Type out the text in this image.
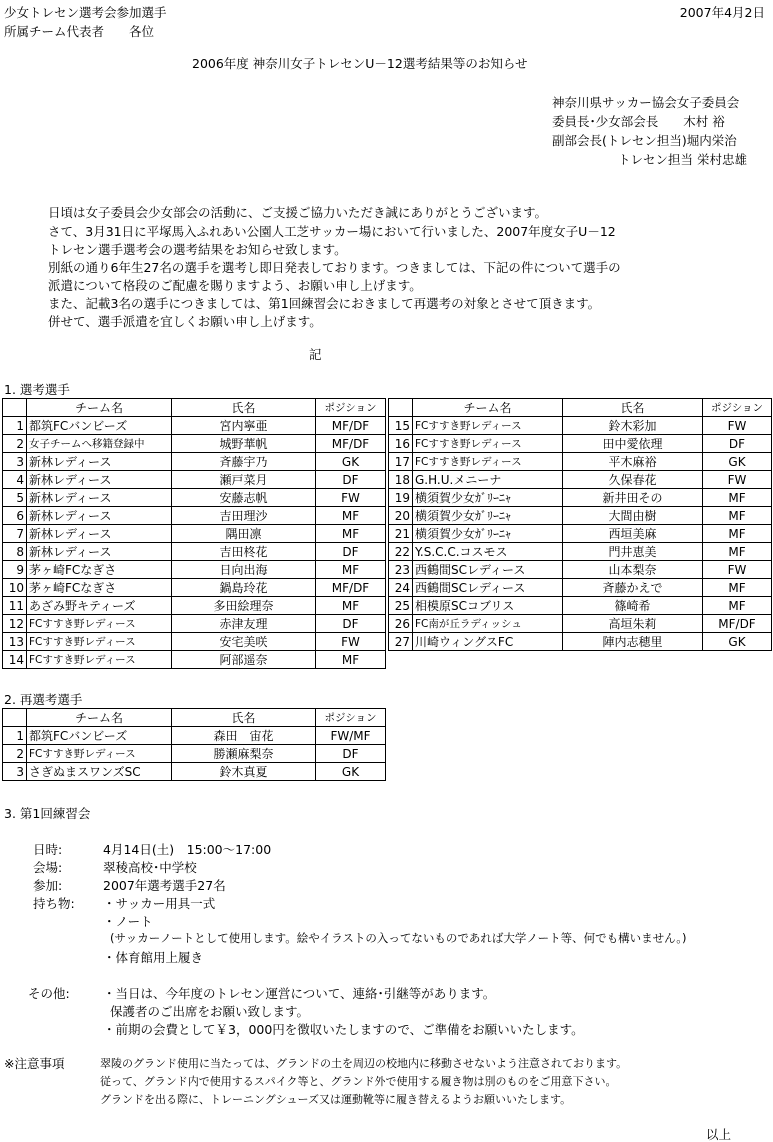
少女トレセン選考会参加選手
所属チーム代表者　　各位
2007年4月2日
2006年度 神奈川女子トレセンU－12選考結果等のお知らせ
神奈川県サッカー協会女子委員会
委員長･少女部会長　　木村 裕
副部会長(トレセン担当)堀内栄治
トレセン担当 栄村忠雄
日頃は女子委員会少女部会の活動に、ご支援ご協力いただき誠にありがとうございます。
さて、3月31日に平塚馬入ふれあい公園人工芝サッカー場において行いました、2007年度女子U－12
トレセン選手選考会の選考結果をお知らせ致します。
別紙の通り6年生27名の選手を選考し即日発表しております。つきましては、下記の件について選手の
派遣について格段のご配慮を賜りますよう、お願い申し上げます。
また、記載3名の選手につきましては、第1回練習会におきまして再選考の対象とさせて頂きます。
併せて、選手派遣を宜しくお願い申し上げます。
記
1. 選考選手
	チーム名	氏名	ポジション
1	都筑FCバンビーズ	宮内寧亜	MF/DF
2	女子チームへ移籍登録中	城野華帆	MF/DF
3	新林レディース	斉藤宇乃	GK
4	新林レディース	瀬戸菜月	DF
5	新林レディース	安藤志帆	FW
6	新林レディース	吉田理沙	MF
7	新林レディース	隅田凛	MF
8	新林レディース	吉田柊花	DF
9	茅ヶ崎FCなぎさ	日向出海	MF
10	茅ヶ崎FCなぎさ	鍋島玲花	MF/DF
11	あざみ野キティーズ	多田絵理奈	MF
12	FCすすき野レディース	赤津友理	DF
13	FCすすき野レディース	安宅美咲	FW
14	FCすすき野レディース	阿部遥奈	MF
	チーム名	氏名	ポジション
15	FCすすき野レディース	鈴木彩加	FW
16	FCすすき野レディース	田中愛依理	DF
17	FCすすき野レディース	平木麻裕	GK
18	G.H.U.メニーナ	久保春花	FW
19	横須賀少女ｶﾞﾘｰﾆｬ	新井田その	MF
20	横須賀少女ｶﾞﾘｰﾆｬ	大間由樹	MF
21	横須賀少女ｶﾞﾘｰﾆｬ	西垣美麻	MF
22	Y.S.C.C.コスモス	門井恵美	MF
23	西鶴間SCレディース	山本梨奈	FW
24	西鶴間SCレディース	斉藤かえで	MF
25	相模原SCコブリス	篠崎希	MF
26	FC南が丘ラディッシュ	高垣朱莉	MF/DF
27	川崎ウィングスFC	陣内志穂里	GK
2. 再選考選手
	チーム名	氏名	ポジション
1	都筑FCバンビーズ	森田　宙花	FW/MF
2	FCすすき野レディース	勝瀬麻梨奈	DF
3	さぎぬまスワンズSC	鈴木真夏	GK
3. 第1回練習会
日時:	4月14日(土)　15:00～17:00
会場:	翠稜高校･中学校
参加:	2007年選考選手27名
持ち物: ・サッカー用具一式
・ノート
(サッカーノートとして使用します。絵やイラストの入ってないものであれば大学ノート等、何でも構いません。)
・体育館用上履き
その他:	・当日は、今年度のトレセン運営について、連絡･引継等があります。
保護者のご出席をお願い致します。
・前期の会費として￥3，000円を徴収いたしますので、ご準備をお願いいたします。
※注意事項	翠陵のグランド使用に当たっては、グランドの土を周辺の校地内に移動させないよう注意されております。
従って、グランド内で使用するスパイク等と、グランド外で使用する履き物は別のものをご用意下さい。
グランドを出る際に、トレーニングシューズ又は運動靴等に履き替えるようお願いいたします。
以上
